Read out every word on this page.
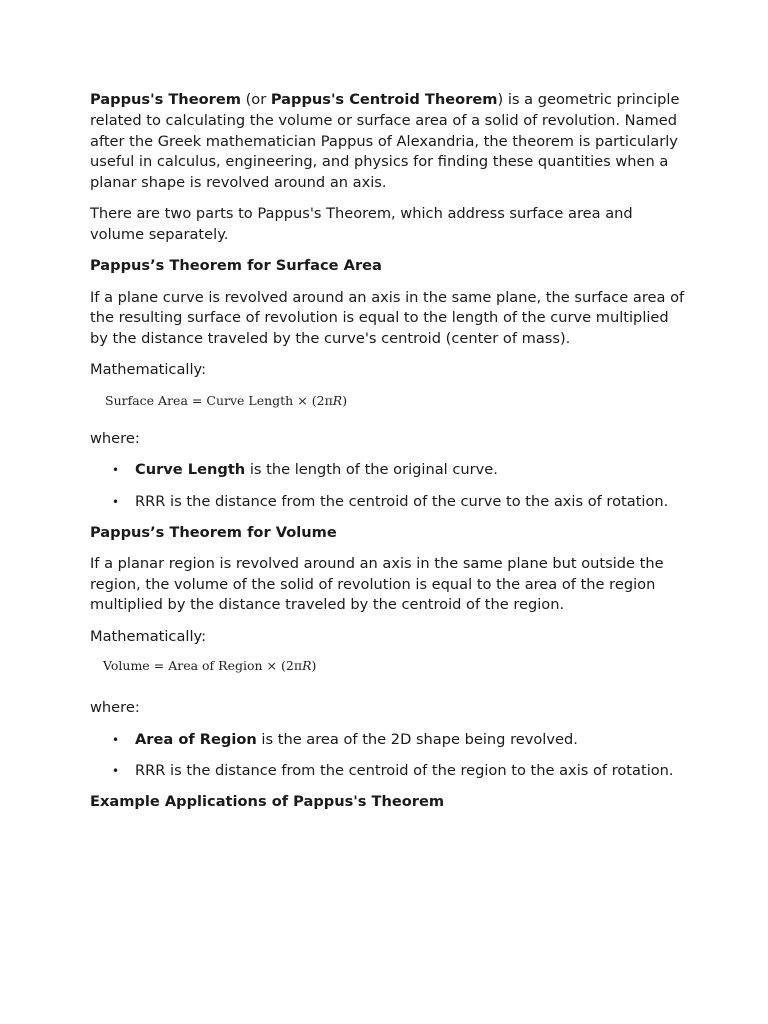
Pappus's Theorem (or Pappus's Centroid Theorem) is a geometric principle related to calculating the volume or surface area of a solid of revolution. Named after the Greek mathematician Pappus of Alexandria, the theorem is particularly useful in calculus, engineering, and physics for finding these quantities when a planar shape is revolved around an axis.

There are two parts to Pappus's Theorem, which address surface area and volume separately.

Pappus’s Theorem for Surface Area

If a plane curve is revolved around an axis in the same plane, the surface area of the resulting surface of revolution is equal to the length of the curve multiplied by the distance traveled by the curve's centroid (center of mass).

Mathematically:

Surface Area = Curve Length × (2πR)

where:

• Curve Length is the length of the original curve.
• RRR is the distance from the centroid of the curve to the axis of rotation.
Pappus’s Theorem for Volume

If a planar region is revolved around an axis in the same plane but outside the region, the volume of the solid of revolution is equal to the area of the region multiplied by the distance traveled by the centroid of the region.

Mathematically:

Volume = Area of Region × (2πR)

where:

• Area of Region is the area of the 2D shape being revolved.
• RRR is the distance from the centroid of the region to the axis of rotation.
Example Applications of Pappus's Theorem
